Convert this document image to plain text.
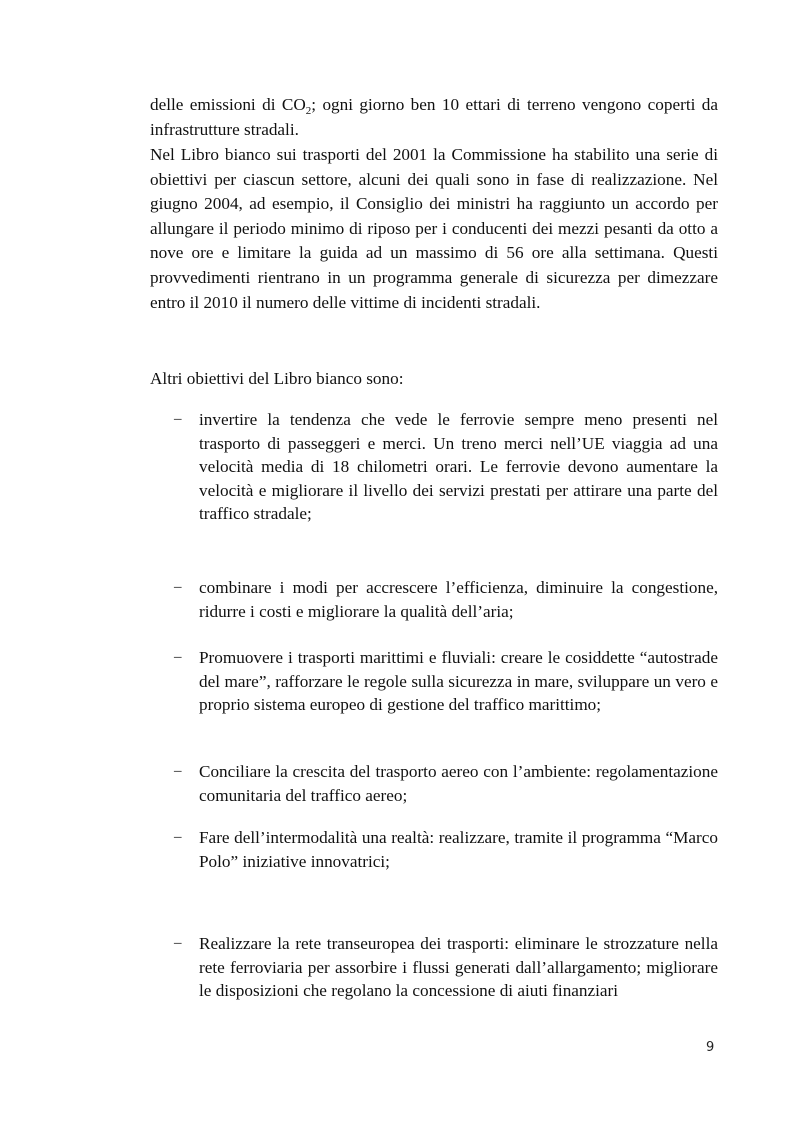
delle emissioni di $CO_2$; ogni giorno ben 10 ettari di terreno vengono coperti da infrastrutture stradali.

Nel Libro bianco sui trasporti del 2001 la Commissione ha stabilito una serie di obiettivi per ciascun settore, alcuni dei quali sono in fase di realizzazione. Nel giugno 2004, ad esempio, il Consiglio dei ministri ha raggiunto un accordo per allungare il periodo minimo di riposo per i conducenti dei mezzi pesanti da otto a nove ore e limitare la guida ad un massimo di 56 ore alla settimana. Questi provvedimenti rientrano in un programma generale di sicurezza per dimezzare entro il 2010 il numero delle vittime di incidenti stradali.

Altri obiettivi del Libro bianco sono:

– invertire la tendenza che vede le ferrovie sempre meno presenti nel trasporto di passeggeri e merci. Un treno merci nell’UE viaggia ad una velocità media di 18 chilometri orari. Le ferrovie devono aumentare la velocità e migliorare il livello dei servizi prestati per attirare una parte del traffico stradale;
– combinare i modi per accrescere l’efficienza, diminuire la congestione, ridurre i costi e migliorare la qualità dell’aria;
– Promuovere i trasporti marittimi e fluviali: creare le cosiddette “autostrade del mare”, rafforzare le regole sulla sicurezza in mare, sviluppare un vero e proprio sistema europeo di gestione del traffico marittimo;
– Conciliare la crescita del trasporto aereo con l’ambiente: regolamentazione comunitaria del traffico aereo;
– Fare dell’intermodalità una realtà: realizzare, tramite il programma “Marco Polo” iniziative innovatrici;
– Realizzare la rete transeuropea dei trasporti: eliminare le strozzature nella rete ferroviaria per assorbire i flussi generati dall’allargamento; migliorare le disposizioni che regolano la concessione di aiuti finanziari
9
